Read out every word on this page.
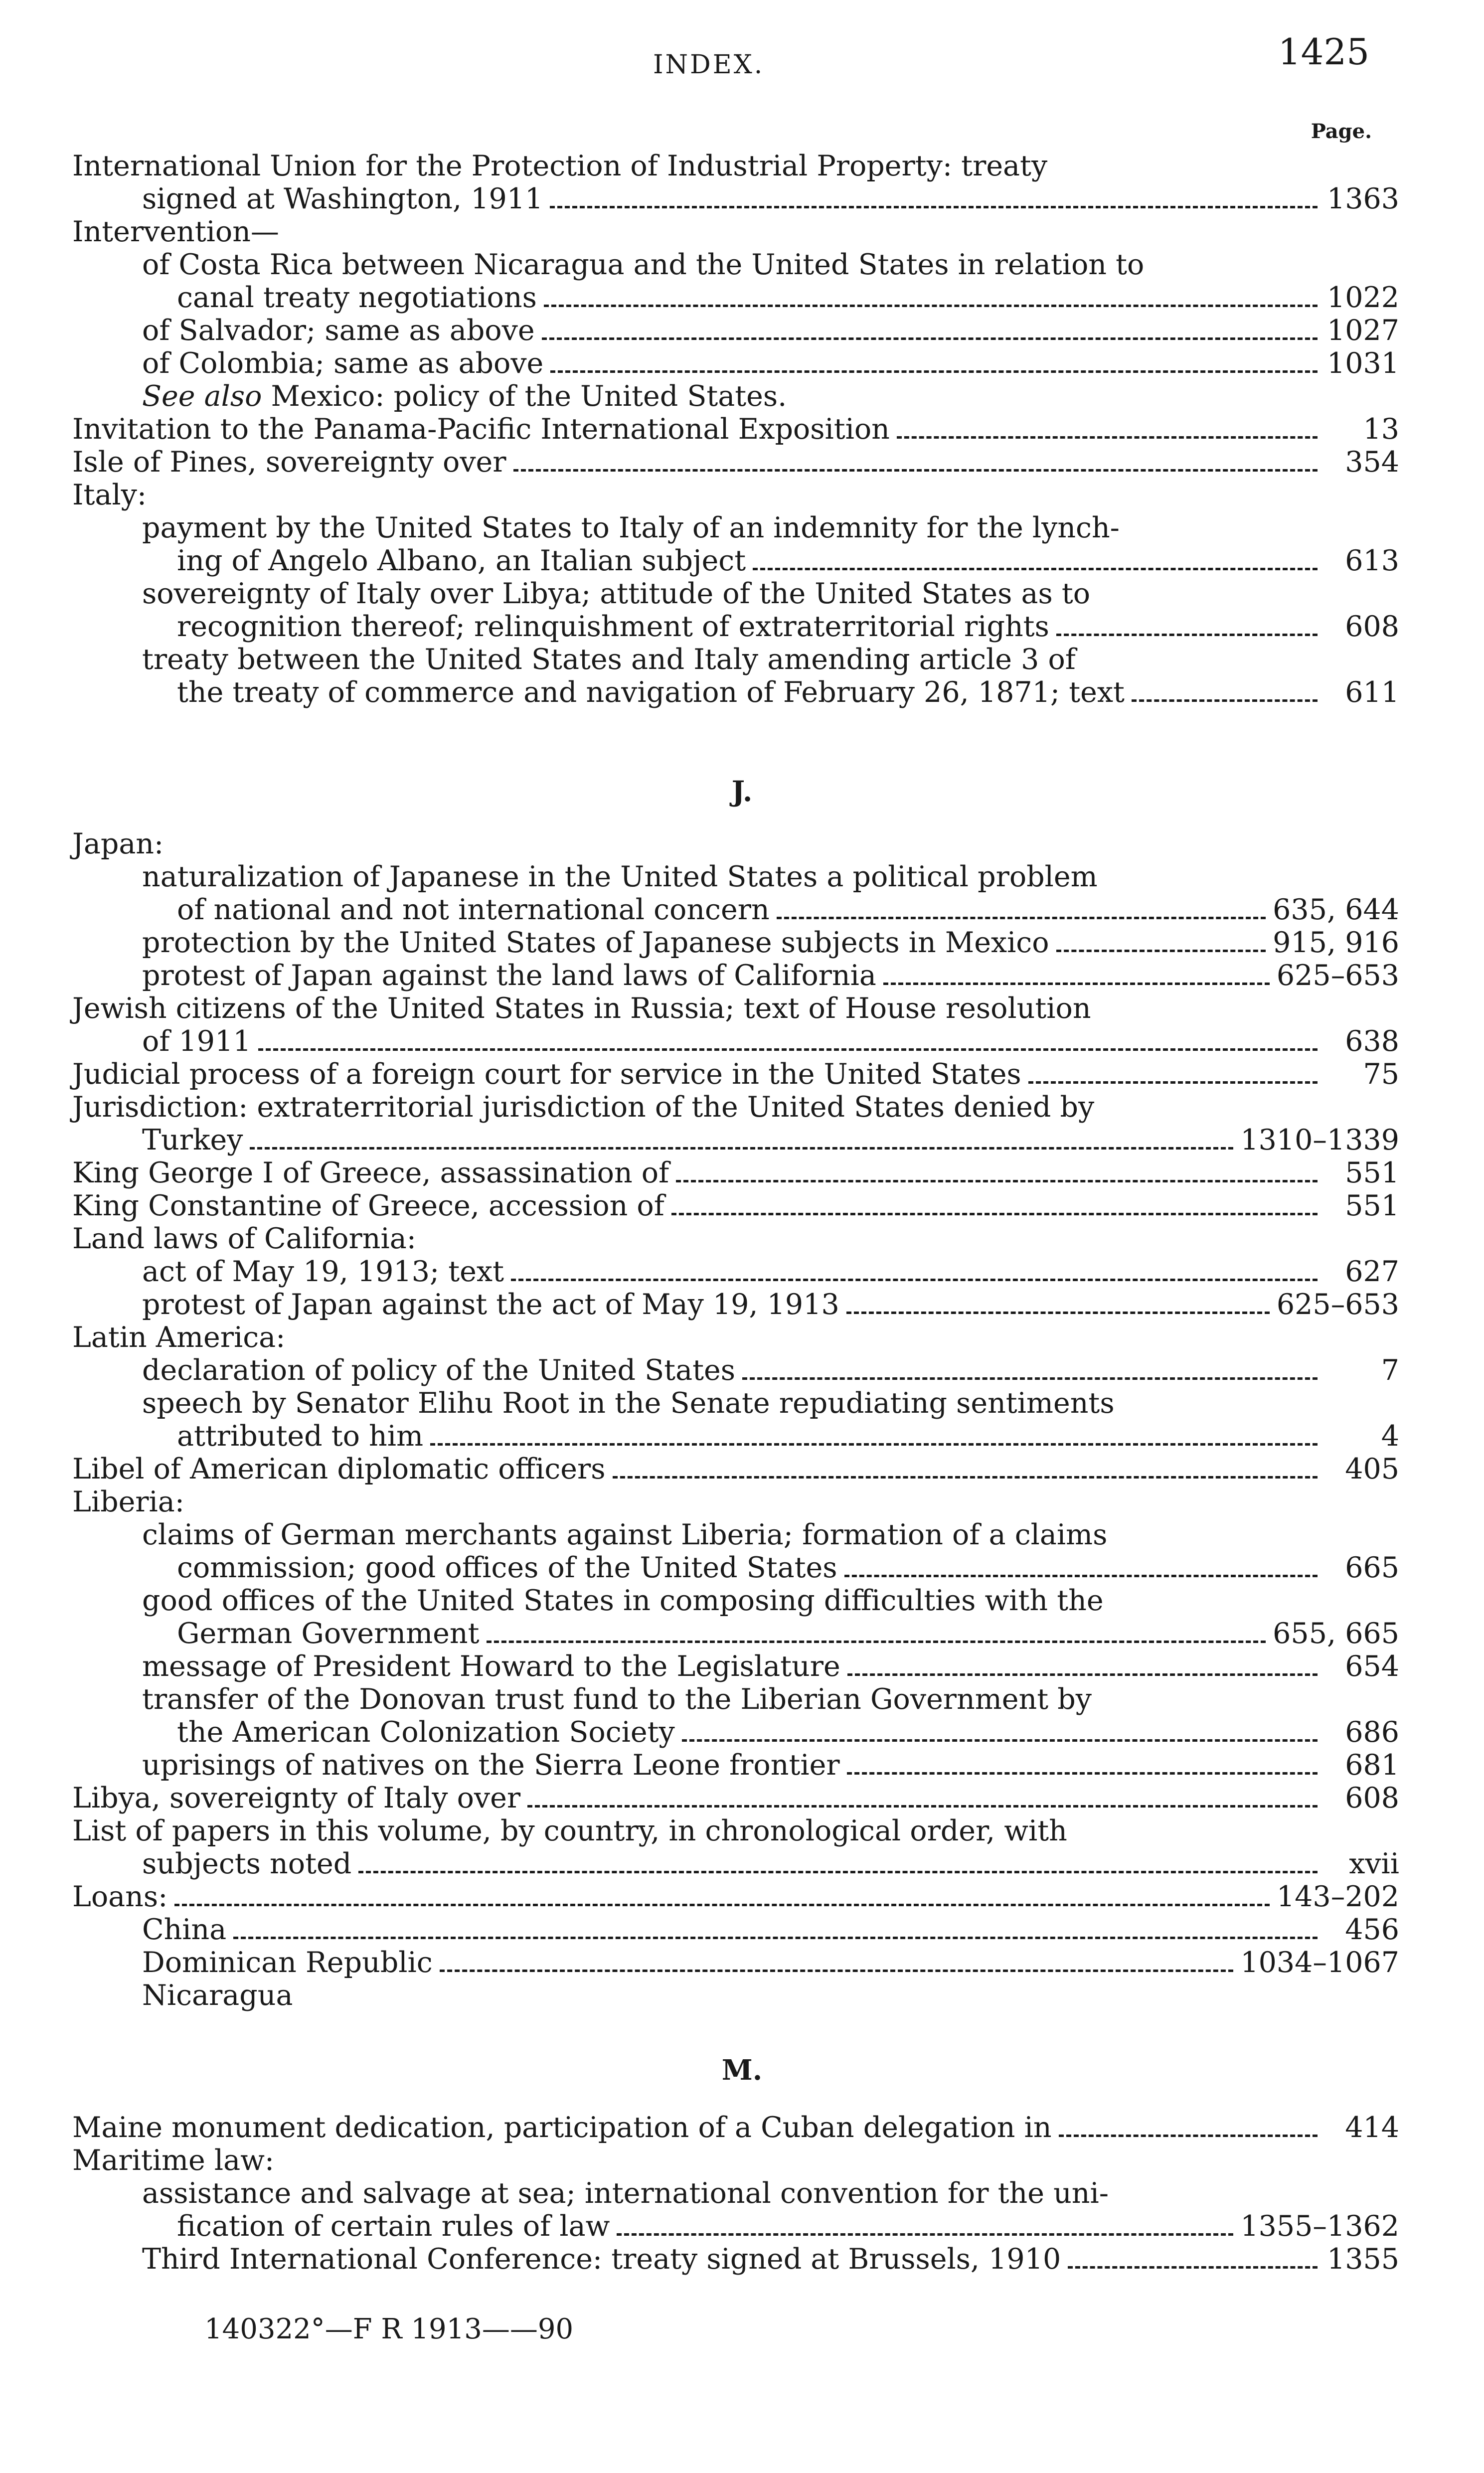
INDEX.	1425
Page.
International Union for the Protection of Industrial Property: treaty
signed at Washington, 1911	1363
Intervention—
of Costa Rica between Nicaragua and the United States in relation to
canal treaty negotiations	1022
of Salvador; same as above	1027
of Colombia; same as above	1031
See also Mexico: policy of the United States.
Invitation to the Panama-Pacific International Exposition	13
Isle of Pines, sovereignty over	354
Italy:
payment by the United States to Italy of an indemnity for the lynch-
ing of Angelo Albano, an Italian subject	613
sovereignty of Italy over Libya; attitude of the United States as to
recognition thereof; relinquishment of extraterritorial rights	608
treaty between the United States and Italy amending article 3 of
the treaty of commerce and navigation of February 26, 1871; text	611
J.
Japan:
naturalization of Japanese in the United States a political problem
of national and not international concern	635, 644
protection by the United States of Japanese subjects in Mexico	915, 916
protest of Japan against the land laws of California	625–653
Jewish citizens of the United States in Russia; text of House resolution
of 1911	638
Judicial process of a foreign court for service in the United States	75
Jurisdiction: extraterritorial jurisdiction of the United States denied by
Turkey	1310–1339
King George I of Greece, assassination of	551
King Constantine of Greece, accession of	551
Land laws of California:
act of May 19, 1913; text	627
protest of Japan against the act of May 19, 1913	625–653
Latin America:
declaration of policy of the United States	7
speech by Senator Elihu Root in the Senate repudiating sentiments
attributed to him	4
Libel of American diplomatic officers	405
Liberia:
claims of German merchants against Liberia; formation of a claims
commission; good offices of the United States	665
good offices of the United States in composing difficulties with the
German Government	655, 665
message of President Howard to the Legislature	654
transfer of the Donovan trust fund to the Liberian Government by
the American Colonization Society	686
uprisings of natives on the Sierra Leone frontier	681
Libya, sovereignty of Italy over	608
List of papers in this volume, by country, in chronological order, with
subjects noted	xvii
Loans:	143–202
China	456
Dominican Republic	1034–1067
Nicaragua
M.
Maine monument dedication, participation of a Cuban delegation in	414
Maritime law:
assistance and salvage at sea; international convention for the uni-
fication of certain rules of law	1355–1362
Third International Conference: treaty signed at Brussels, 1910	1355
140322°—F R 1913——90
